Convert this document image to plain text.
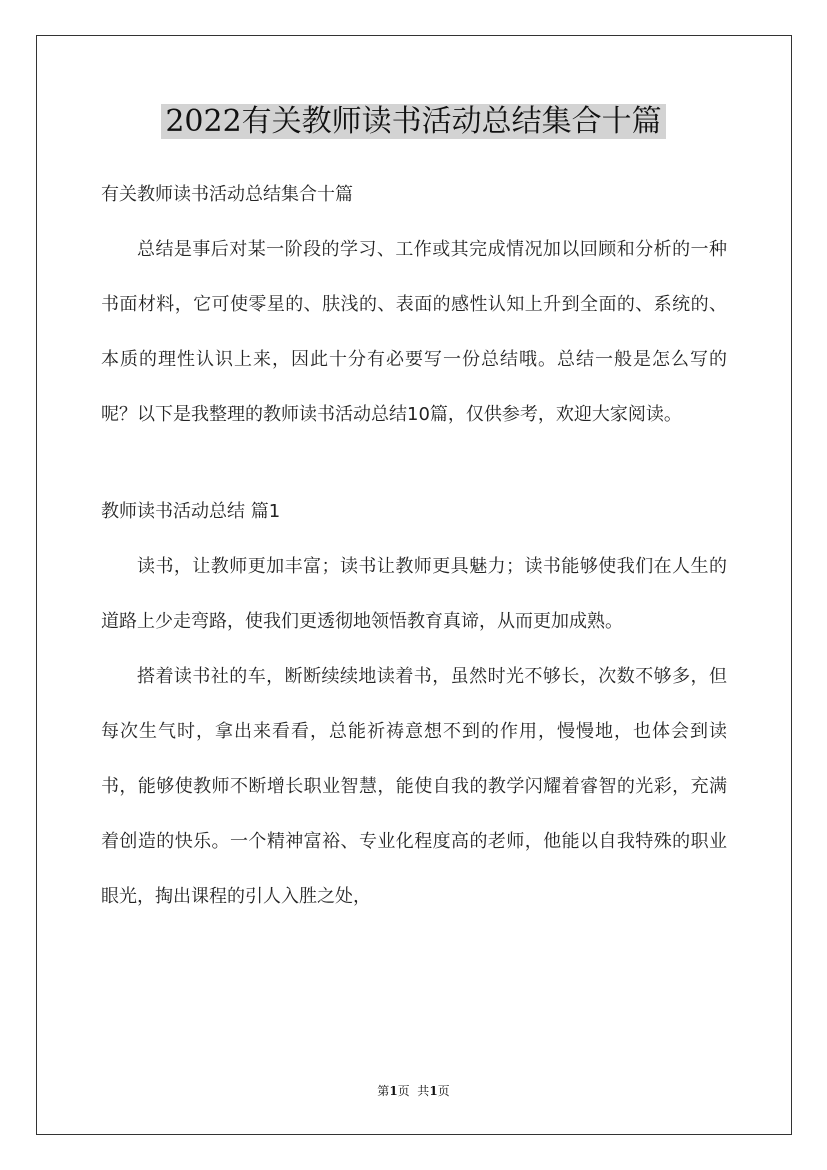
2022有关教师读书活动总结集合十篇

有关教师读书活动总结集合十篇

总结是事后对某一阶段的学习、工作或其完成情况加以回顾和分析的一种书面材料，它可使零星的、肤浅的、表面的感性认知上升到全面的、系统的、本质的理性认识上来，因此十分有必要写一份总结哦。总结一般是怎么写的呢？以下是我整理的教师读书活动总结10篇，仅供参考，欢迎大家阅读。

教师读书活动总结 篇1

读书，让教师更加丰富；读书让教师更具魅力；读书能够使我们在人生的道路上少走弯路，使我们更透彻地领悟教育真谛，从而更加成熟。

搭着读书社的车，断断续续地读着书，虽然时光不够长，次数不够多，但每次生气时，拿出来看看，总能祈祷意想不到的作用，慢慢地，也体会到读书，能够使教师不断增长职业智慧，能使自我的教学闪耀着睿智的光彩，充满着创造的快乐。一个精神富裕、专业化程度高的老师，他能以自我特殊的职业眼光，掏出课程的引人入胜之处，

第1页  共1页
